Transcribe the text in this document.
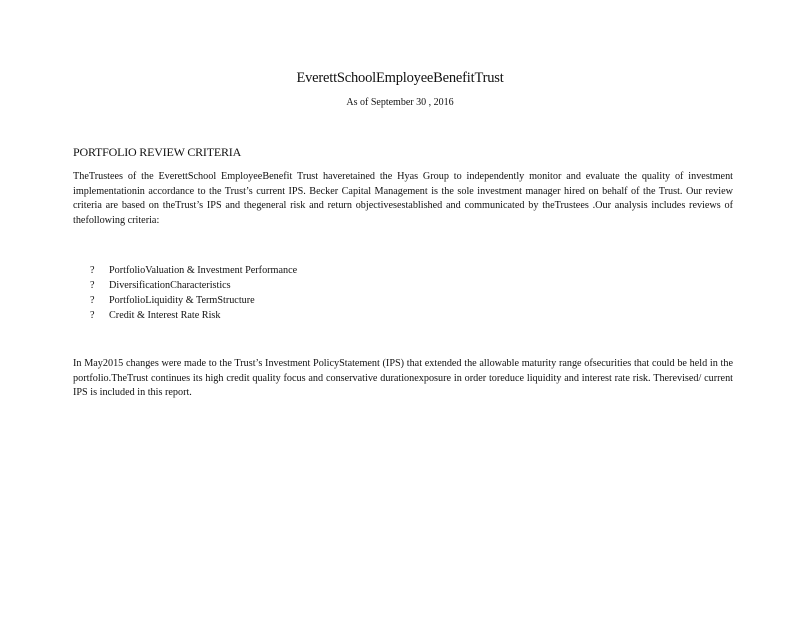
EverettSchoolEmployeeBenefitTrust
As of September 30 , 2016
PORTFOLIO REVIEW CRITERIA

TheTrustees of the EverettSchool EmployeeBenefit Trust haveretained the Hyas Group to independently monitor and evaluate the quality of investment implementationin accordance to the Trust’s current IPS. Becker Capital Management is the sole investment manager hired on behalf of the Trust. Our review criteria are based on theTrust’s IPS and thegeneral risk and return objectivesestablished and communicated by theTrustees .Our analysis includes reviews of thefollowing criteria:

?	PortfolioValuation & Investment Performance
?	DiversificationCharacteristics
?	PortfolioLiquidity & TermStructure
?	Credit & Interest Rate Risk

In May2015 changes were made to the Trust’s Investment PolicyStatement (IPS) that extended the allowable maturity range ofsecurities that could be held in the portfolio.TheTrust continues its high credit quality focus and conservative durationexposure in order toreduce liquidity and interest rate risk. Therevised/ current IPS is included in this report.
